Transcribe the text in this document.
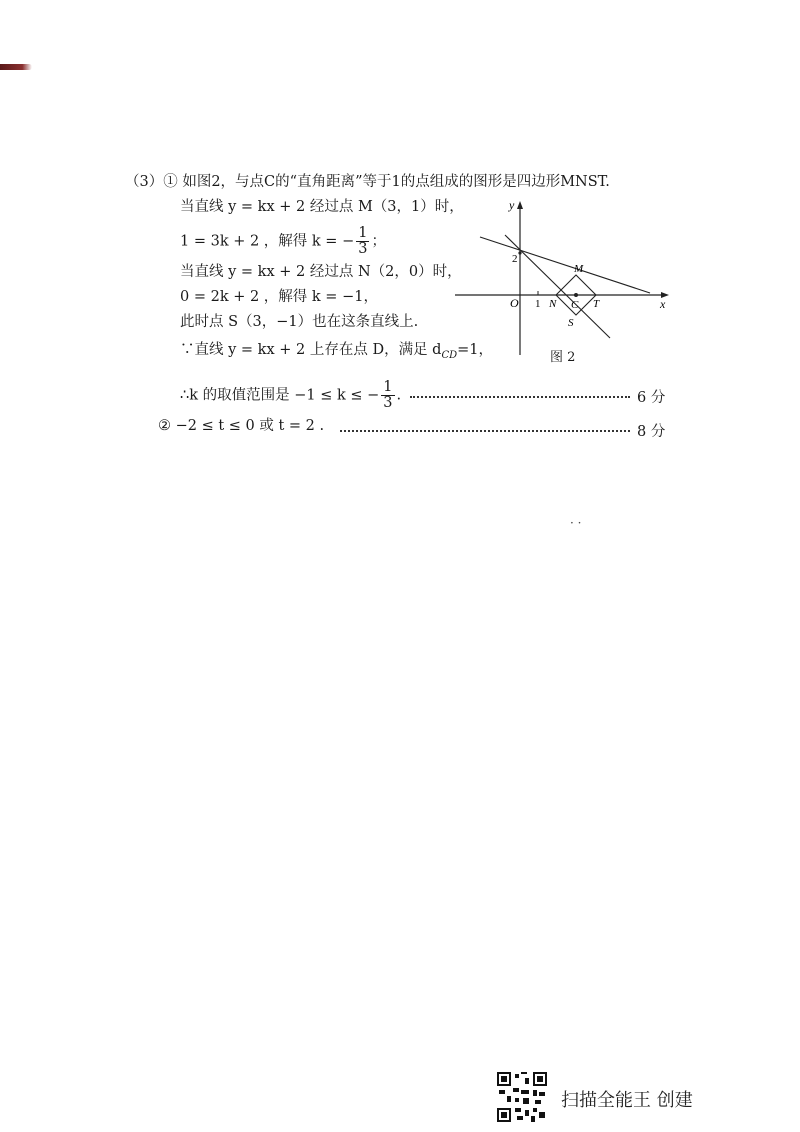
（3）① 如图2，与点C的“直角距离”等于1的点组成的图形是四边形MNST.
当直线 y = kx + 2 经过点 M（3，1）时，
1 = 3k + 2 ，解得 k = − $\frac{1}{3}$ ；
当直线 y = kx + 2 经过点 N（2，0）时，
0 = 2k + 2 ，解得 k = −1，
此时点 S（3，−1）也在这条直线上.
∵直线 y = kx + 2 上存在点 D，满足 $d_{CD}=1$，
∴k 的取值范围是 −1 ≤ k ≤ − $\frac{1}{3}$ .	6 分
② −2 ≤ t ≤ 0 或 t = 2 .	8 分
y
x
O 1
2
N C T
M
S
图 2
· ·
扫描全能王 创建
